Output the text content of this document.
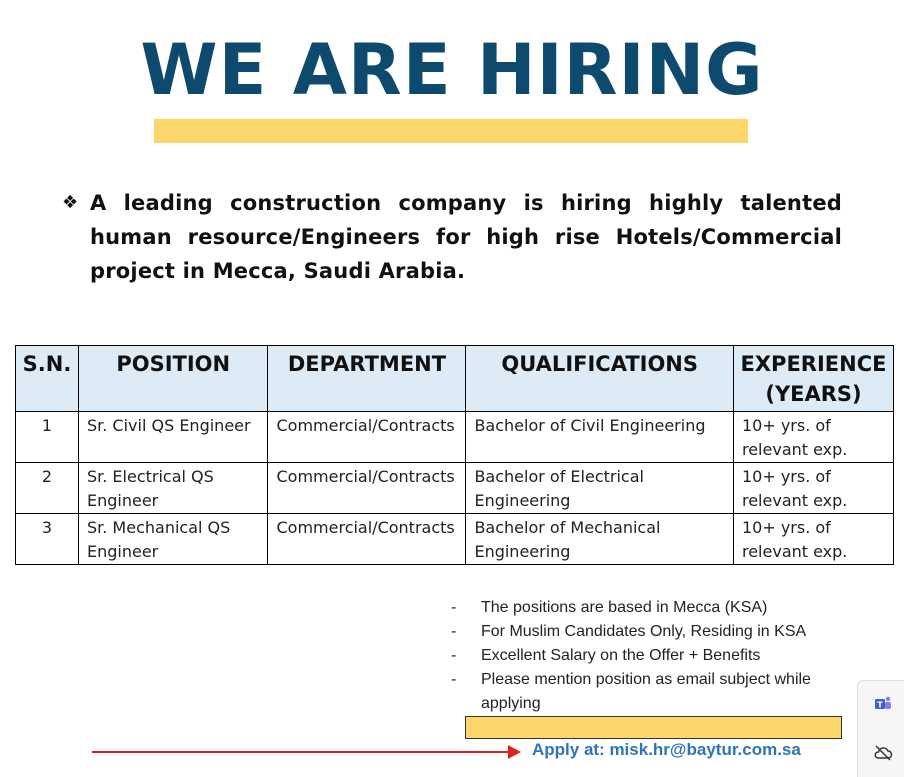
WE ARE HIRING
❖ A leading construction company is hiring highly talented human resource/Engineers for high rise Hotels/Commercial project in Mecca, Saudi Arabia.
S.N.	POSITION	DEPARTMENT	QUALIFICATIONS	EXPERIENCE (YEARS)
1	Sr. Civil QS Engineer	Commercial/Contracts	Bachelor of Civil Engineering	10+ yrs. of relevant exp.
2	Sr. Electrical QS Engineer	Commercial/Contracts	Bachelor of Electrical Engineering	10+ yrs. of relevant exp.
3	Sr. Mechanical QS Engineer	Commercial/Contracts	Bachelor of Mechanical Engineering	10+ yrs. of relevant exp.
- The positions are based in Mecca (KSA)
- For Muslim Candidates Only, Residing in KSA
- Excellent Salary on the Offer + Benefits
- Please mention position as email subject while applying
Apply at: misk.hr@baytur.com.sa
T
